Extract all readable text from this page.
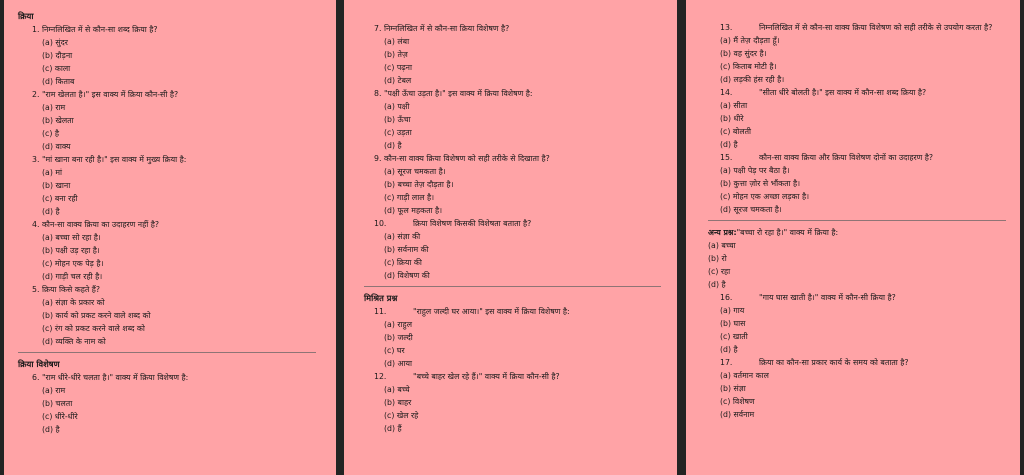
क्रिया
1. निम्नलिखित में से कौन-सा शब्द क्रिया है?
(a) सुंदर
(b) दौड़ना
(c) काला
(d) किताब
2. "राम खेलता है।" इस वाक्य में क्रिया कौन-सी है?
(a) राम
(b) खेलता
(c) है
(d) वाक्य
3. "मां खाना बना रही है।" इस वाक्य में मुख्य क्रिया है:
(a) मां
(b) खाना
(c) बना रही
(d) है
4. कौन-सा वाक्य क्रिया का उदाहरण नहीं है?
(a) बच्चा सो रहा है।
(b) पक्षी उड़ रहा है।
(c) मोहन एक पेड़ है।
(d) गाड़ी चल रही है।
5. क्रिया किसे कहते हैं?
(a) संज्ञा के प्रकार को
(b) कार्य को प्रकट करने वाले शब्द को
(c) रंग को प्रकट करने वाले शब्द को
(d) व्यक्ति के नाम को
क्रिया विशेषण
6. "राम धीरे-धीरे चलता है।" वाक्य में क्रिया विशेषण है:
(a) राम
(b) चलता
(c) धीरे-धीरे
(d) है
7. निम्नलिखित में से कौन-सा क्रिया विशेषण है?
(a) लंबा
(b) तेज़
(c) पढ़ना
(d) टेबल
8. "पक्षी ऊँचा उड़ता है।" इस वाक्य में क्रिया विशेषण है:
(a) पक्षी
(b) ऊँचा
(c) उड़ता
(d) है
9. कौन-सा वाक्य क्रिया विशेषण को सही तरीके से दिखाता है?
(a) सूरज चमकता है।
(b) बच्चा तेज़ दौड़ता है।
(c) गाड़ी लाल है।
(d) फूल महकता है।
10.	क्रिया विशेषण किसकी विशेषता बताता है?
(a) संज्ञा की
(b) सर्वनाम की
(c) क्रिया की
(d) विशेषण की
मिश्रित प्रश्न
11.	"राहुल जल्दी घर आया।" इस वाक्य में क्रिया विशेषण है:
(a) राहुल
(b) जल्दी
(c) घर
(d) आया
12.	"बच्चे बाहर खेल रहे हैं।" वाक्य में क्रिया कौन-सी है?
(a) बच्चे
(b) बाहर
(c) खेल रहे
(d) हैं
13.	निम्नलिखित में से कौन-सा वाक्य क्रिया विशेषण को सही तरीके से उपयोग करता है?
(a) मैं तेज़ दौड़ता हूँ।
(b) वह सुंदर है।
(c) किताब मोटी है।
(d) लड़की हंस रही है।
14.	"सीता धीरे बोलती है।" इस वाक्य में कौन-सा शब्द क्रिया है?
(a) सीता
(b) धीरे
(c) बोलती
(d) है
15.	कौन-सा वाक्य क्रिया और क्रिया विशेषण दोनों का उदाहरण है?
(a) पक्षी पेड़ पर बैठा है।
(b) कुत्ता ज़ोर से भौंकता है।
(c) मोहन एक अच्छा लड़का है।
(d) सूरज चमकता है।
अन्य प्रश्न:"बच्चा रो रहा है।" वाक्य में क्रिया है:
(a) बच्चा
(b) रो
(c) रहा
(d) है
16.	"गाय घास खाती है।" वाक्य में कौन-सी क्रिया है?
(a) गाय
(b) घास
(c) खाती
(d) है
17.	क्रिया का कौन-सा प्रकार कार्य के समय को बताता है?
(a) वर्तमान काल
(b) संज्ञा
(c) विशेषण
(d) सर्वनाम
